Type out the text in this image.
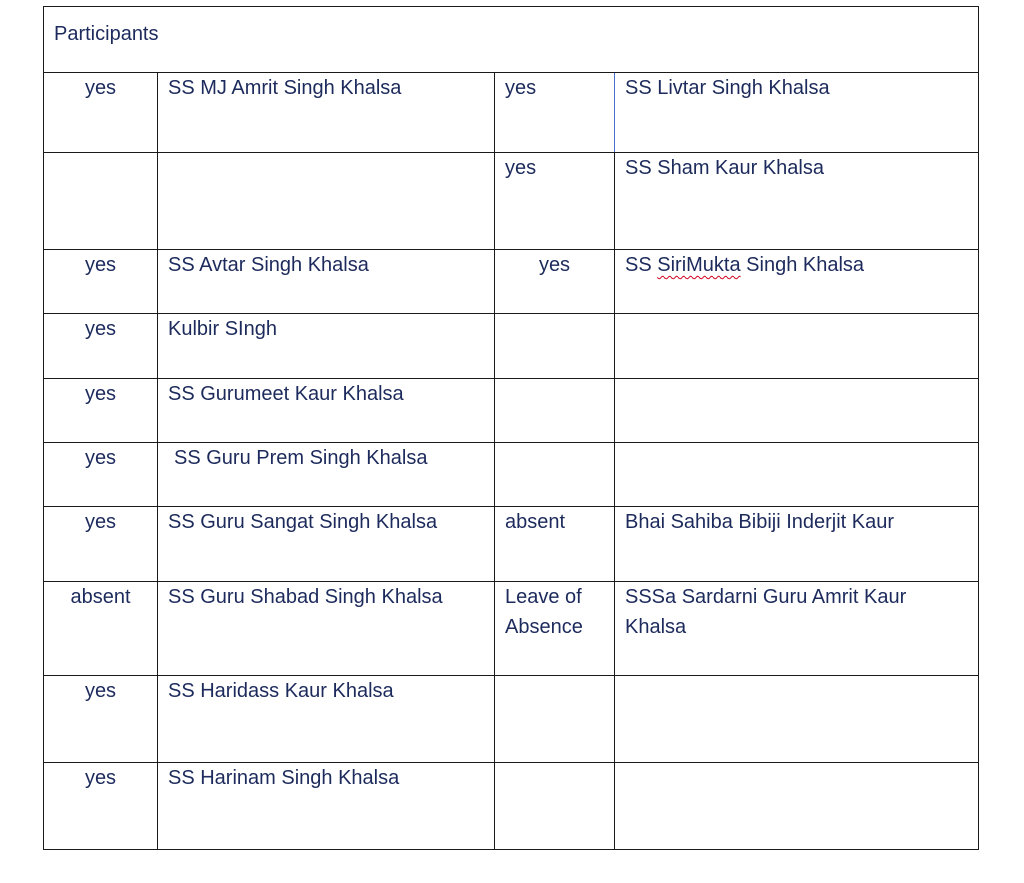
Participants			
yes	SS MJ Amrit Singh Khalsa	yes	SS Livtar Singh Khalsa
		yes	SS Sham Kaur Khalsa
yes	SS Avtar Singh Khalsa	yes	SS SiriMukta Singh Khalsa
yes	Kulbir SIngh		
yes	SS Gurumeet Kaur Khalsa		
yes	SS Guru Prem Singh Khalsa		
yes	SS Guru Sangat Singh Khalsa	absent	Bhai Sahiba Bibiji Inderjit Kaur
absent	SS Guru Shabad Singh Khalsa	Leave of Absence	SSSa Sardarni Guru Amrit Kaur Khalsa
yes	SS Haridass Kaur Khalsa		
yes	SS Harinam Singh Khalsa		
